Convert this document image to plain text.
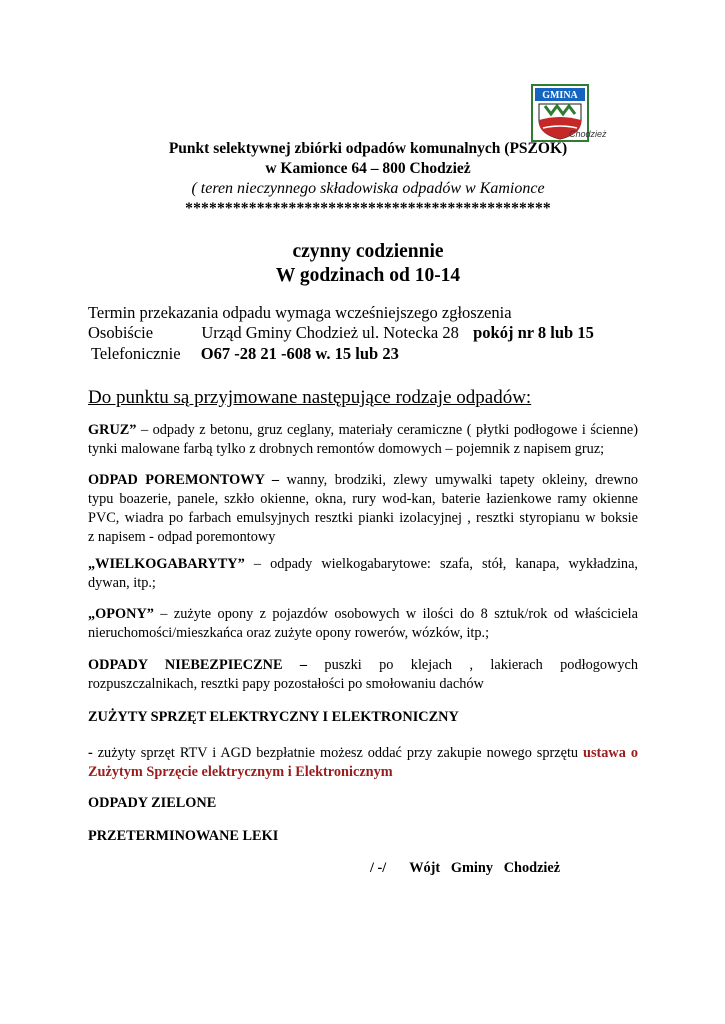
GMINA
Chodzież
Punkt selektywnej zbiórki odpadów komunalnych (PSZOK)
w Kamionce 64 – 800 Chodzież
( teren nieczynnego składowiska odpadów w Kamionce
**********************************************
czynny codziennie
W godzinach od 10-14
Termin przekazania odpadu wymaga wcześniejszego zgłoszenia
Osobiście	Urząd Gminy Chodzież ul. Notecka 28 pokój nr 8 lub 15
Telefonicznie O67 -28 21 -608 w. 15 lub 23
Do punktu są przyjmowane następujące rodzaje odpadów:
GRUZ” – odpady z betonu, gruz ceglany, materiały ceramiczne ( płytki podłogowe i ścienne)
tynki malowane farbą tylko z drobnych remontów domowych – pojemnik z napisem gruz;
ODPAD POREMONTOWY – wanny, brodziki, zlewy umywalki tapety okleiny, drewno
typu boazerie, panele, szkło okienne, okna, rury wod-kan, baterie łazienkowe ramy okienne
PVC, wiadra po farbach emulsyjnych resztki pianki izolacyjnej , resztki styropianu w boksie
z napisem - odpad poremontowy
„WIELKOGABARYTY” – odpady wielkogabarytowe: szafa, stół, kanapa, wykładzina,
dywan, itp.;
„OPONY” – zużyte opony z pojazdów osobowych w ilości do 8 sztuk/rok od właściciela
nieruchomości/mieszkańca oraz zużyte opony rowerów, wózków, itp.;
ODPADY NIEBEZPIECZNE – puszki po klejach , lakierach podłogowych
rozpuszczalnikach, resztki papy pozostałości po smołowaniu dachów
ZUŻYTY SPRZĘT ELEKTRYCZNY I ELEKTRONICZNY
- zużyty sprzęt RTV i AGD bezpłatnie możesz oddać przy zakupie nowego sprzętu ustawa o
Zużytym Sprzęcie elektrycznym i Elektronicznym
ODPADY ZIELONE
PRZETERMINOWANE LEKI
/ -/ Wójt   Gminy   Chodzież
